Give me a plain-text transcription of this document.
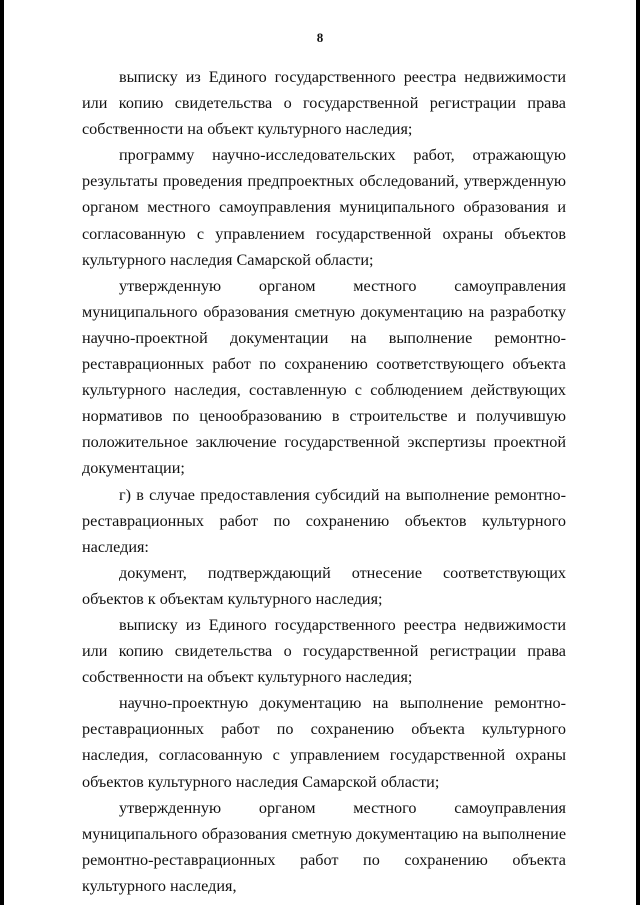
8

выписку из Единого государственного реестра недвижимости или копию свидетельства о государственной регистрации права собственности на объект культурного наследия;

программу научно-исследовательских работ, отражающую результаты проведения предпроектных обследований, утвержденную органом местного самоуправления муниципального образования и согласованную с управлением государственной охраны объектов культурного наследия Самарской области;

утвержденную органом местного самоуправления муниципального образования сметную документацию на разработку научно-проектной документации на выполнение ремонтно-реставрационных работ по сохранению соответствующего объекта культурного наследия, составленную с соблюдением действующих нормативов по ценообразованию в строительстве и получившую положительное заключение государственной экспертизы проектной документации;

г) в случае предоставления субсидий на выполнение ремонтно-реставрационных работ по сохранению объектов культурного наследия:

документ, подтверждающий отнесение соответствующих объектов к объектам культурного наследия;

выписку из Единого государственного реестра недвижимости или копию свидетельства о государственной регистрации права собственности на объект культурного наследия;

научно-проектную документацию на выполнение ремонтно-реставрационных работ по сохранению объекта культурного наследия, согласованную с управлением государственной охраны объектов культурного наследия Самарской области;

утвержденную органом местного самоуправления муниципального образования сметную документацию на выполнение ремонтно-реставрационных работ по сохранению объекта культурного наследия,
